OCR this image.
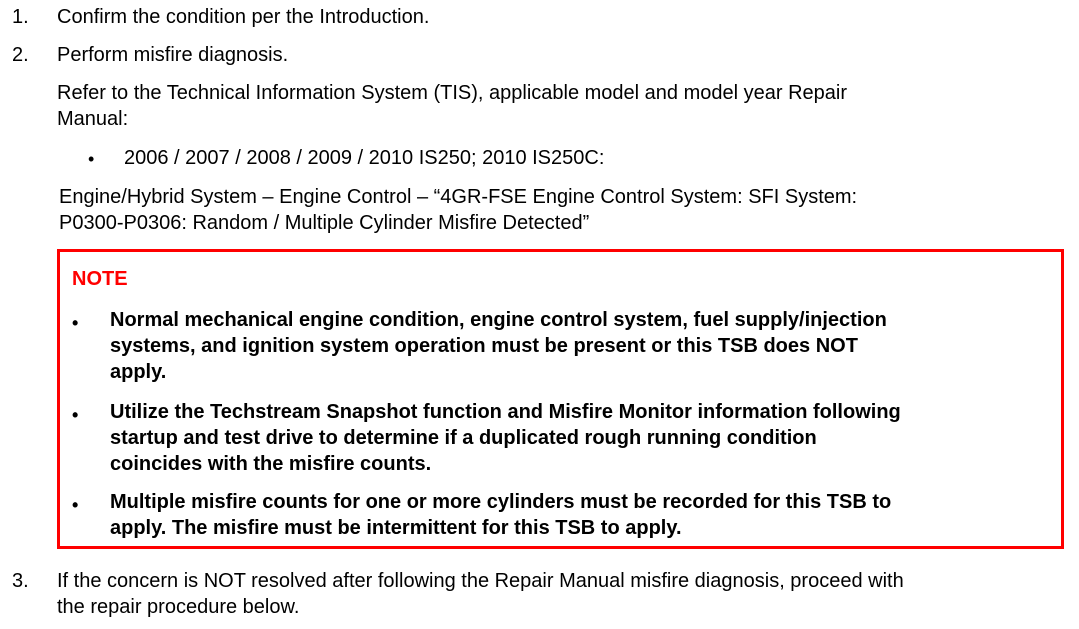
1.	Confirm the condition per the Introduction.
2.	Perform misfire diagnosis.
Refer to the Technical Information System (TIS), applicable model and model year Repair
Manual:
• 2006 / 2007 / 2008 / 2009 / 2010 IS250; 2010 IS250C:
Engine/Hybrid System – Engine Control – “4GR-FSE Engine Control System: SFI System:
P0300-P0306: Random / Multiple Cylinder Misfire Detected”
NOTE
• Normal mechanical engine condition, engine control system, fuel supply/injection
systems, and ignition system operation must be present or this TSB does NOT
apply.
• Utilize the Techstream Snapshot function and Misfire Monitor information following
startup and test drive to determine if a duplicated rough running condition
coincides with the misfire counts.
• Multiple misfire counts for one or more cylinders must be recorded for this TSB to
apply. The misfire must be intermittent for this TSB to apply.
3.	If the concern is NOT resolved after following the Repair Manual misfire diagnosis, proceed with
the repair procedure below.
